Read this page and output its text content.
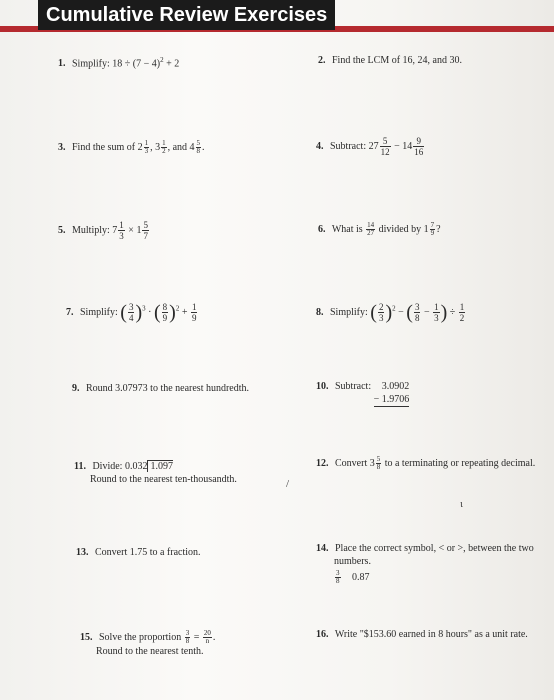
Cumulative Review Exercises
1. Simplify: $18 \div (7 - 4)^2 + 2$	2. Find the LCM of 16, 24, and 30.
3. Find the sum of $2 \frac{1}{3}$ , $3 \frac{1}{2}$ , and $4 \frac{5}{8}$ .	4. Subtract: $27 \frac{5}{12} - 14 \frac{9}{16}$
5. Multiply: $7 \frac{1}{3} \times 1 \frac{5}{7}$	6. What is $\frac{14}{27}$ divided by $1 \frac{7}{9}$ ?
7. Simplify: ( $\frac{3}{4} )^3$ · ( $\frac{8}{9} )^2 + \frac{1}{9}$	8. Simplify: ( $\frac{2}{3} )^2$ − ( $\frac{3}{8} - \frac{1}{3}$ ) ÷ $\frac{1}{2}$
9. Round 3.07973 to the nearest hundredth.	10. Subtract:	3.0902
− 1.9706
11. Divide: 0.032 1.097
Round to the nearest ten-thousandth.
12. Convert $3 \frac{5}{8}$ to a terminating or repeating decimal.
/
ι
13. Convert 1.75 to a fraction.	14. Place the correct symbol, < or >, between the two
numbers.
$\frac{3}{8} 0.87$
15. Solve the proportion $\frac{3}{8} = \frac{20}{n}$ .
Round to the nearest tenth.
16. Write "$153.60 earned in 8 hours" as a unit rate.
